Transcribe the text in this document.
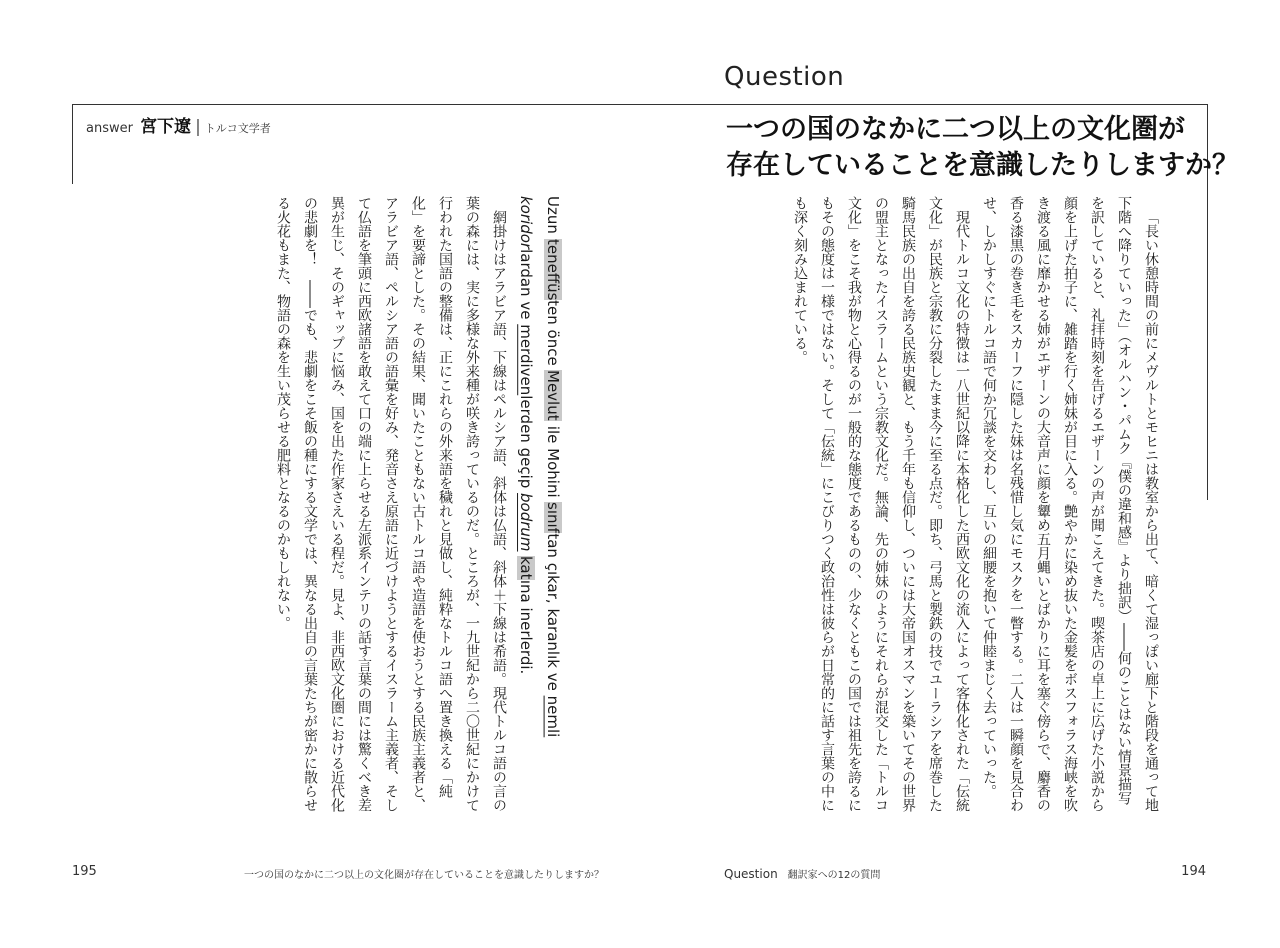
answer 宮下遼 | トルコ文学者

Uzun teneffüsten önce Mevlut ile Mohini sınıftan çıkar, karanlık ve nemli koridorlardan ve merdivenlerden geçip bodrum katına inerlerdi.

網掛けはアラビア語、下線はペルシア語、斜体は仏語、斜体＋下線は希語。現代トルコ語の言の葉の森には、実に多様な外来種が咲き誇っているのだ。ところが、一九世紀から二〇世紀にかけて行われた国語の整備は、正にこれらの外来語を穢れと見做し、純粋なトルコ語へ置き換える「純化」を要諦とした。その結果、聞いたこともない古トルコ語や造語を使おうとする民族主義者と、アラビア語、ペルシア語の語彙を好み、発音さえ原語に近づけようとするイスラーム主義者、そして仏語を筆頭に西欧諸語を敢えて口の端に上らせる左派系インテリの話す言葉の間には驚くべき差異が生じ、そのギャップに悩み、国を出た作家さえいる程だ。見よ、非西欧文化圏における近代化の悲劇を！　――でも、悲劇をこそ飯の種にする文学では、異なる出自の言葉たちが密かに散らせる火花もまた、物語の森を生い茂らせる肥料となるのかもしれない。

195	一つの国のなかに二つ以上の文化圏が存在していることを意識したりしますか？
Question
一つの国のなかに二つ以上の文化圏が
存在していることを意識したりしますか？

「長い休憩時間の前にメヴルトとモヒニは教室から出て、暗くて湿っぽい廊下と階段を通って地下階へ降りていった」（オルハン・パムク『僕の違和感』より拙訳）――何のことはない情景描写を訳していると、礼拝時刻を告げるエザーンの声が聞こえてきた。喫茶店の卓上に広げた小説から顔を上げた拍子に、雑踏を行く姉妹が目に入る。艶やかに染め抜いた金髪をボスフォラス海峡を吹き渡る風に靡かせる姉がエザーンの大音声に顔を顰め五月蝿いとばかりに耳を塞ぐ傍らで、麝香の香る漆黒の巻き毛をスカーフに隠した妹は名残惜し気にモスクを一瞥する。二人は一瞬顔を見合わせ、しかしすぐにトルコ語で何か冗談を交わし、互いの細腰を抱いて仲睦まじく去っていった。

現代トルコ文化の特徴は一八世紀以降に本格化した西欧文化の流入によって客体化された「伝統文化」が民族と宗教に分裂したまま今に至る点だ。即ち、弓馬と製鉄の技でユーラシアを席巻した騎馬民族の出自を誇る民族史観と、もう千年も信仰し、ついには大帝国オスマンを築いてその世界の盟主となったイスラームという宗教文化だ。無論、先の姉妹のようにそれらが混交した「トルコ文化」をこそ我が物と心得るのが一般的な態度であるものの、少なくともこの国では祖先を誇るにもその態度は一様ではない。そして「伝統」にこびりつく政治性は彼らが日常的に話す言葉の中にも深く刻み込まれている。

Question 翻訳家への12の質問	194
